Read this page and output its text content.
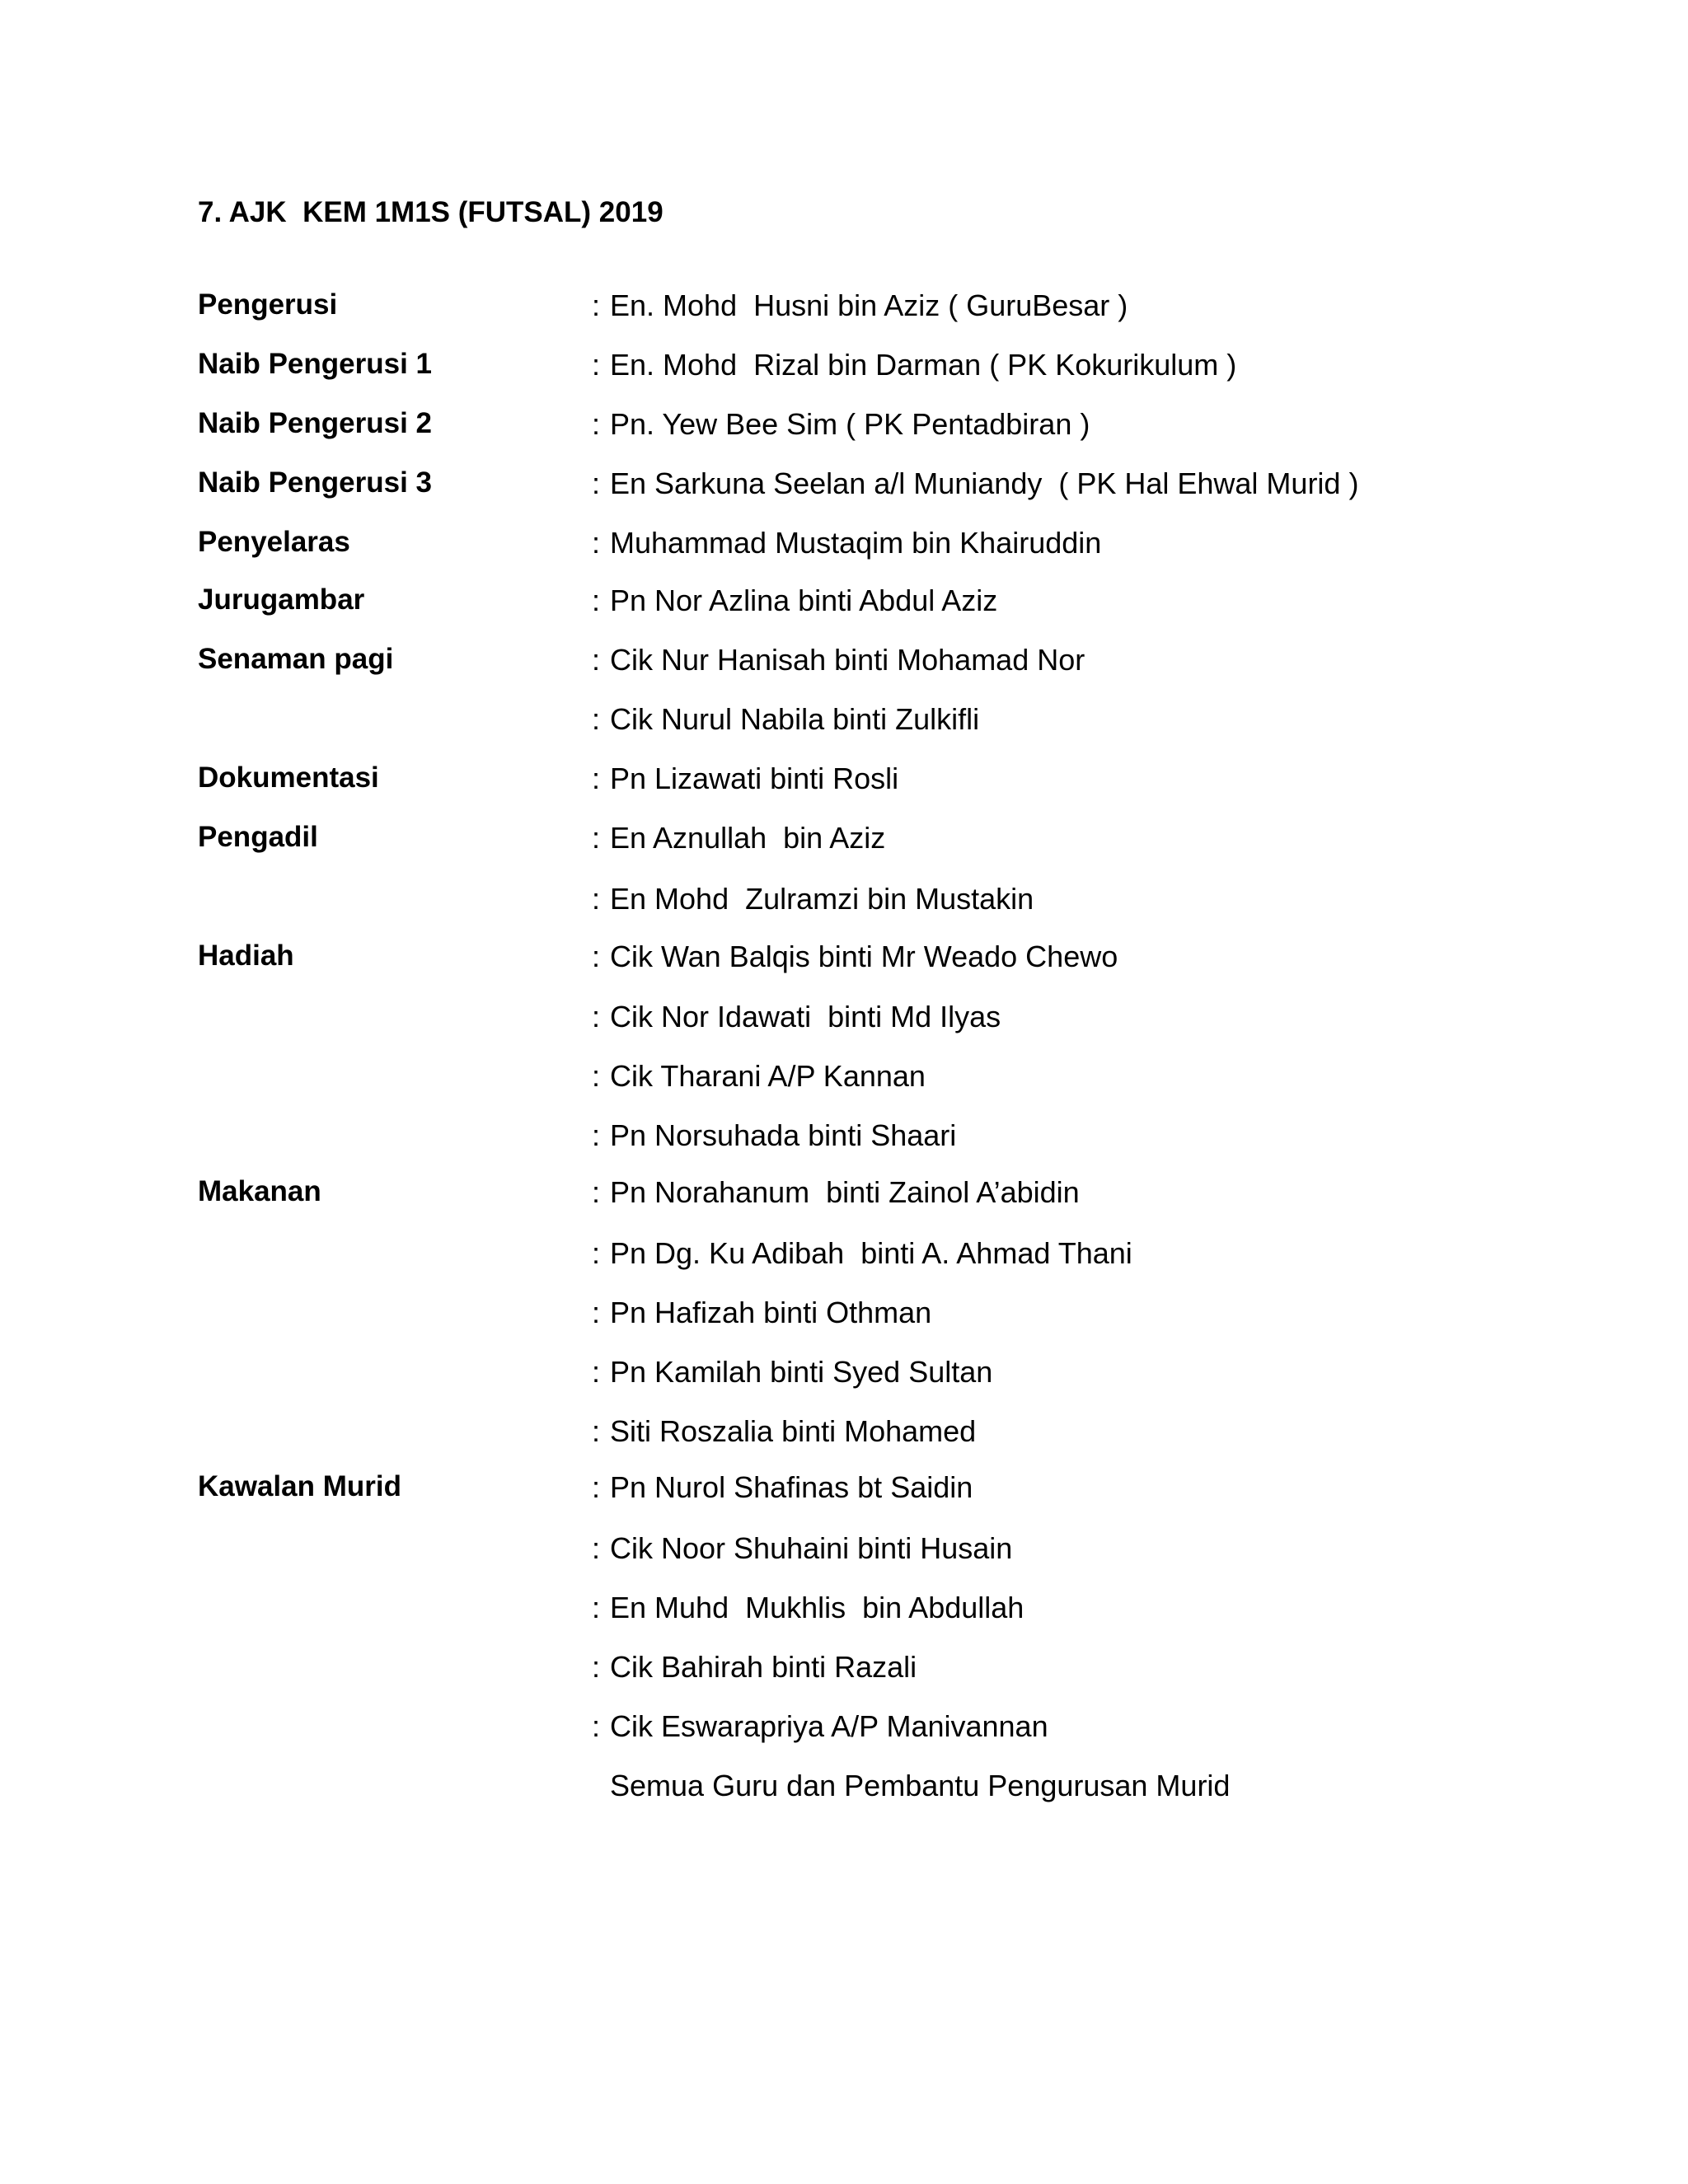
7. AJK  KEM 1M1S (FUTSAL) 2019
Pengerusi	: En. Mohd  Husni bin Aziz ( GuruBesar )
Naib Pengerusi 1	: En. Mohd  Rizal bin Darman ( PK Kokurikulum )
Naib Pengerusi 2	: Pn. Yew Bee Sim ( PK Pentadbiran )
Naib Pengerusi 3	: En Sarkuna Seelan a/l Muniandy  ( PK Hal Ehwal Murid )
Penyelaras	: Muhammad Mustaqim bin Khairuddin
Jurugambar	: Pn Nor Azlina binti Abdul Aziz
Senaman pagi	: Cik Nur Hanisah binti Mohamad Nor
: Cik Nurul Nabila binti Zulkifli
Dokumentasi	: Pn Lizawati binti Rosli
Pengadil	: En Aznullah  bin Aziz
: En Mohd  Zulramzi bin Mustakin
Hadiah	: Cik Wan Balqis binti Mr Weado Chewo
: Cik Nor Idawati  binti Md Ilyas
: Cik Tharani A/P Kannan
: Pn Norsuhada binti Shaari
Makanan	: Pn Norahanum  binti Zainol A’abidin
: Pn Dg. Ku Adibah  binti A. Ahmad Thani
: Pn Hafizah binti Othman
: Pn Kamilah binti Syed Sultan
: Siti Roszalia binti Mohamed
Kawalan Murid	: Pn Nurol Shafinas bt Saidin
: Cik Noor Shuhaini binti Husain
: En Muhd  Mukhlis  bin Abdullah
: Cik Bahirah binti Razali
: Cik Eswarapriya A/P Manivannan
Semua Guru dan Pembantu Pengurusan Murid
